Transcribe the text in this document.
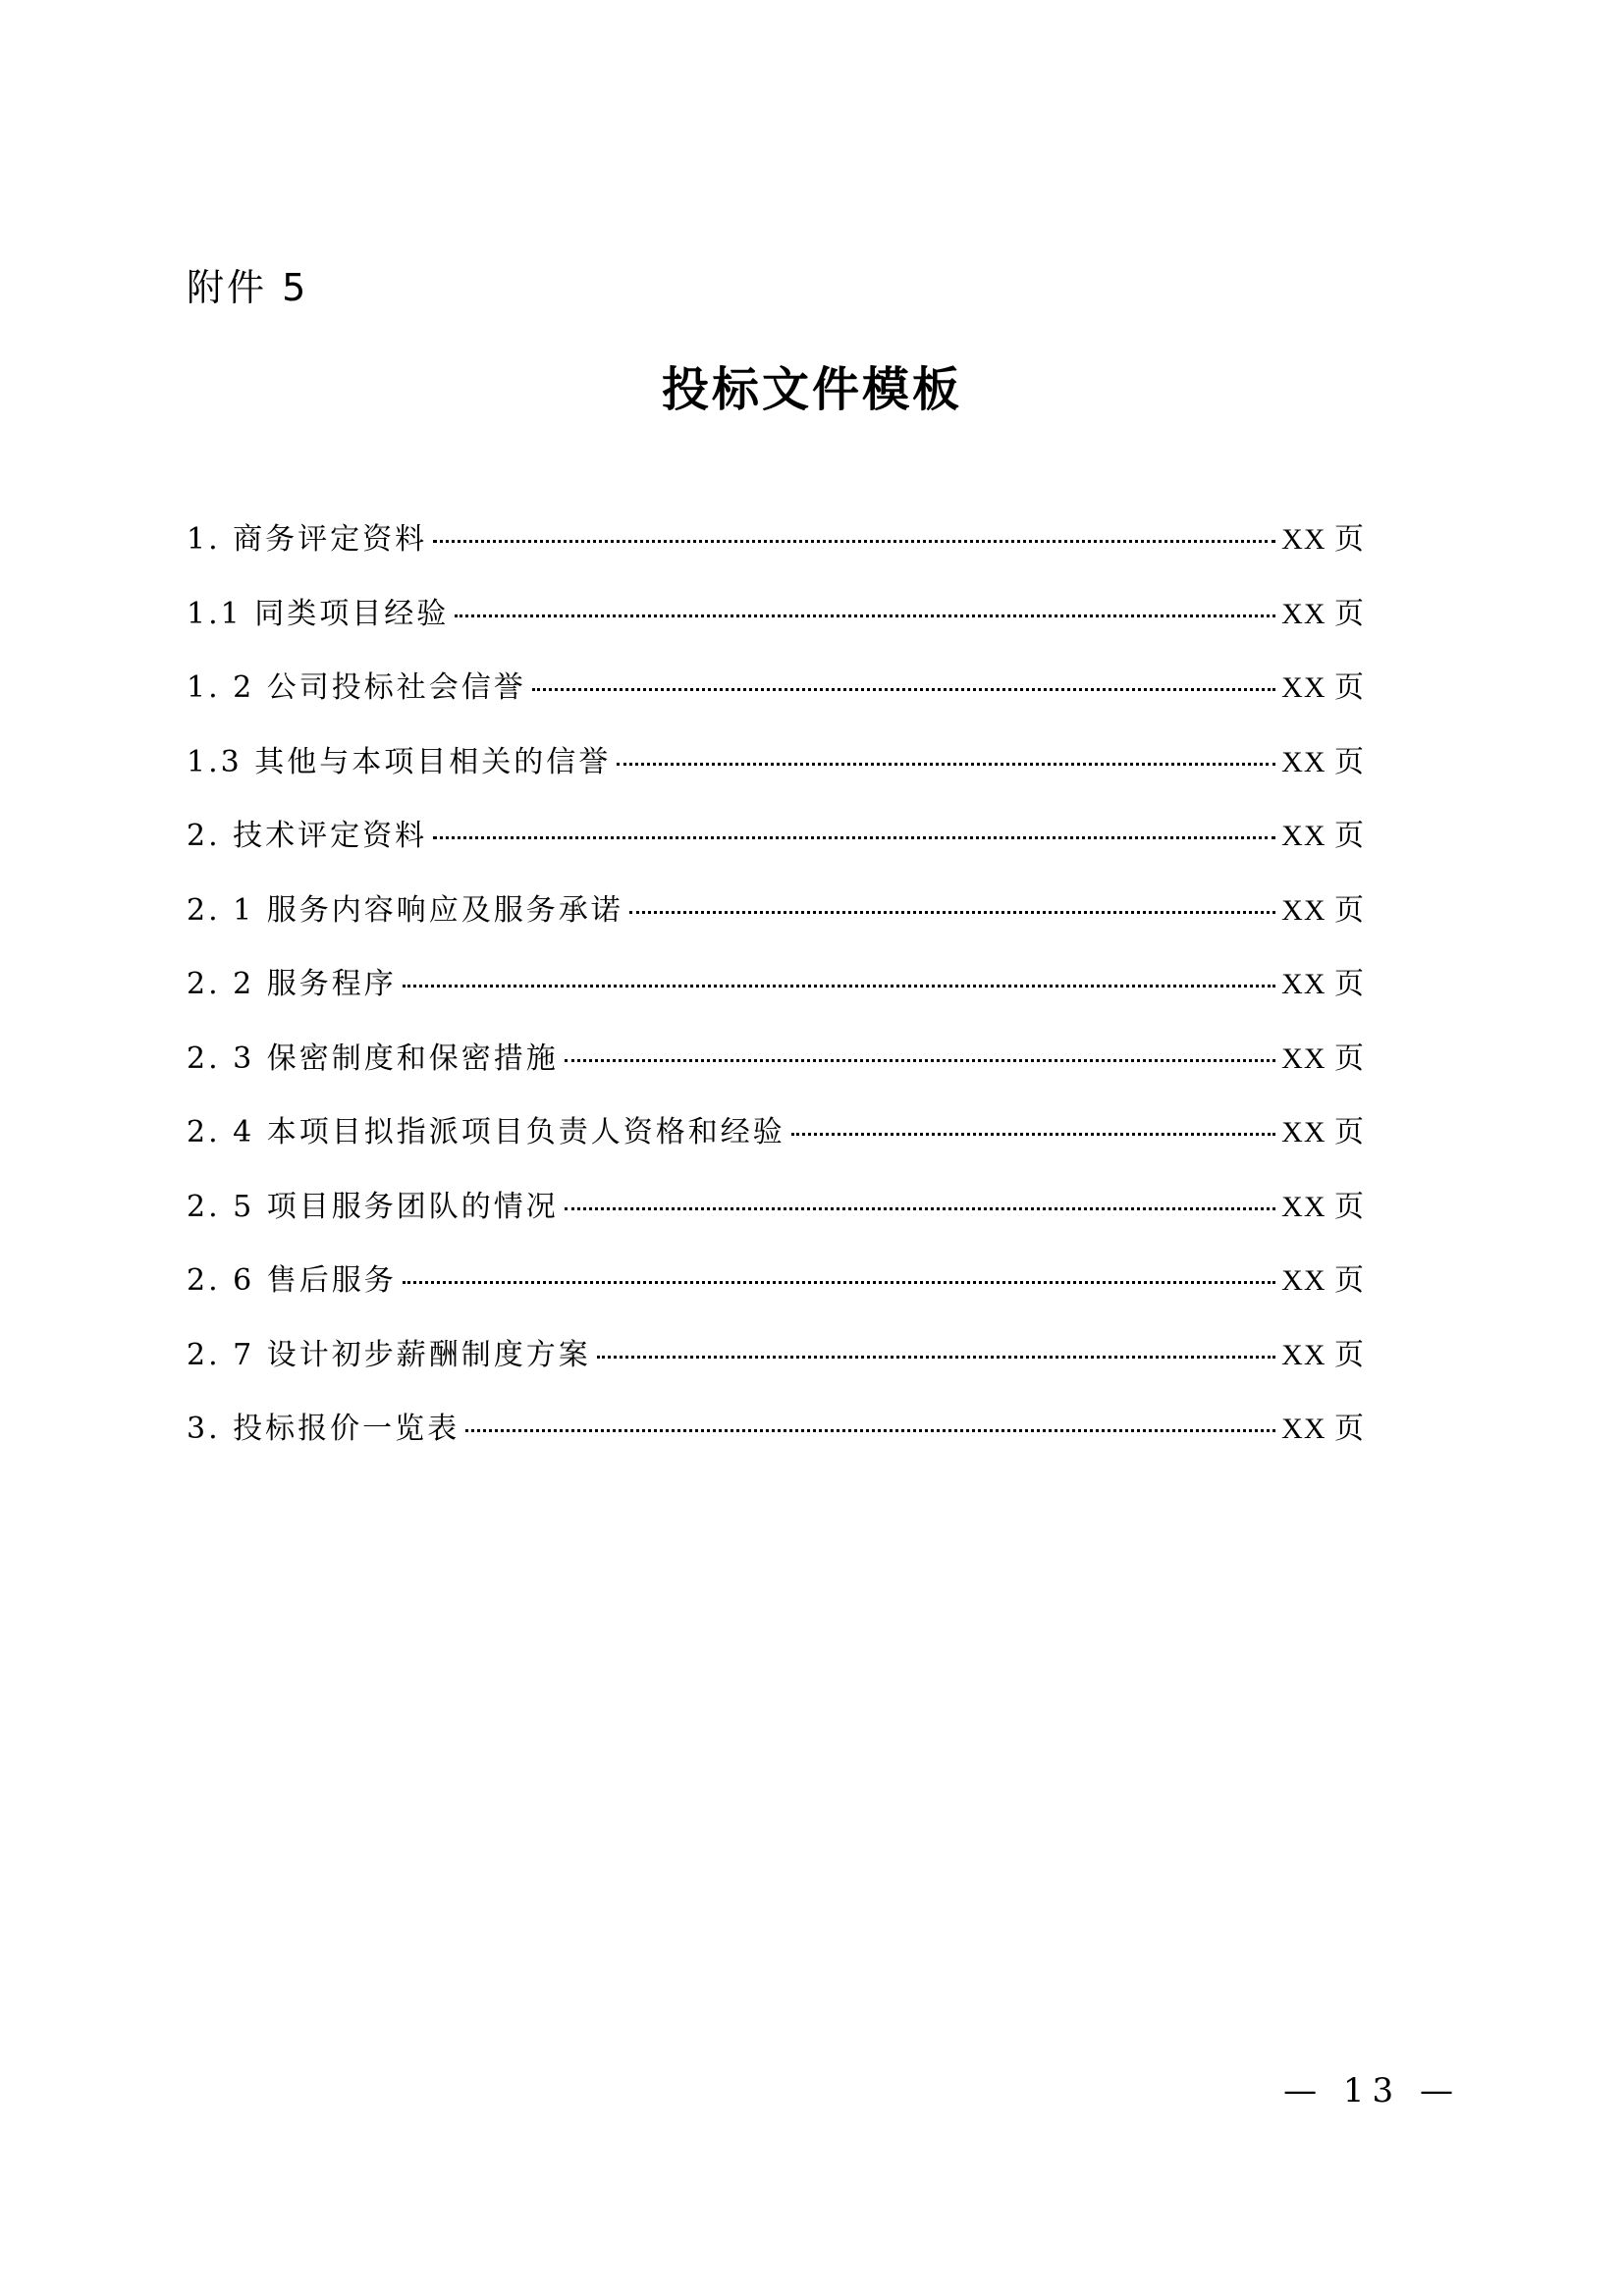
附件 5
投标文件模板
1. 商务评定资料	XX 页
1.1 同类项目经验	XX 页
1. 2 公司投标社会信誉	XX 页
1.3 其他与本项目相关的信誉	XX 页
2. 技术评定资料	XX 页
2. 1 服务内容响应及服务承诺	XX 页
2. 2 服务程序	XX 页
2. 3 保密制度和保密措施	XX 页
2. 4 本项目拟指派项目负责人资格和经验	XX 页
2. 5 项目服务团队的情况	XX 页
2. 6 售后服务	XX 页
2. 7 设计初步薪酬制度方案	XX 页
3. 投标报价一览表	XX 页
— 13 —
